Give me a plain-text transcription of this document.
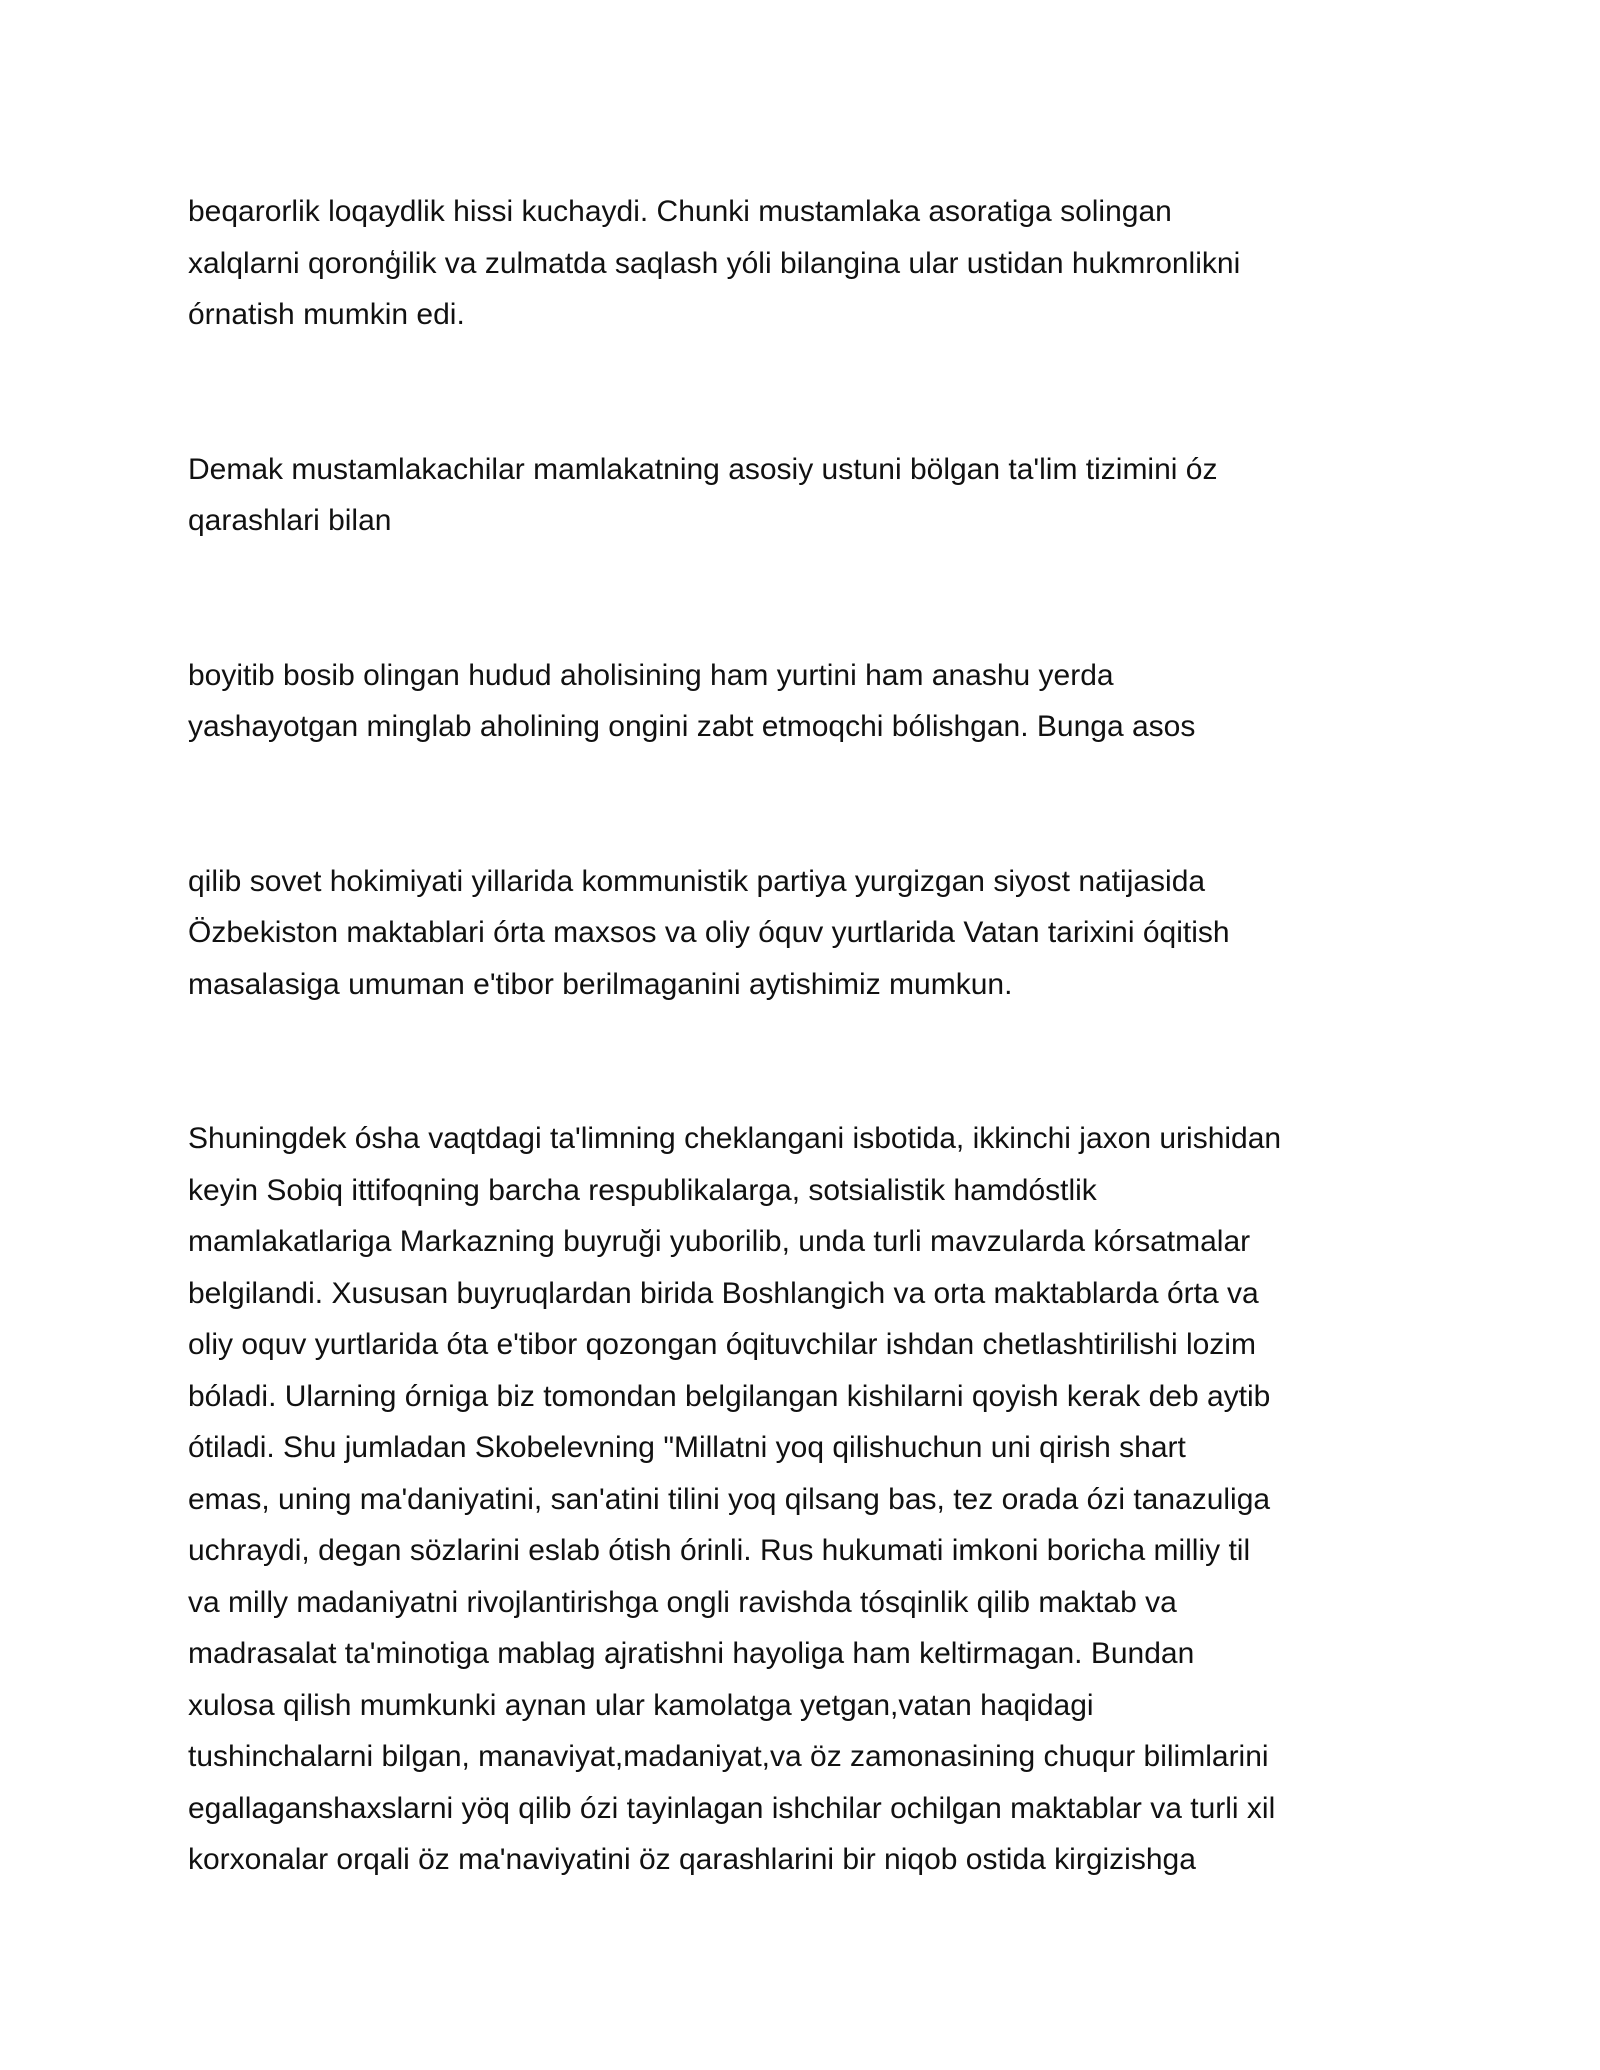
beqarorlik loqaydlik hissi kuchaydi. Chunki mustamlaka asoratiga solingan
xalqlarni qoronģilik va zulmatda saqlash yóli bilangina ular ustidan hukmronlikni
órnatish mumkin edi.

Demak mustamlakachilar mamlakatning asosiy ustuni bölgan ta'lim tizimini óz
qarashlari bilan

boyitib bosib olingan hudud aholisining ham yurtini ham anashu yerda
yashayotgan minglab aholining ongini zabt etmoqchi bólishgan. Bunga asos

qilib sovet hokimiyati yillarida kommunistik partiya yurgizgan siyost natijasida
Özbekiston maktablari órta maxsos va oliy óquv yurtlarida Vatan tarixini óqitish
masalasiga umuman e'tibor berilmaganini aytishimiz mumkun.

Shuningdek ósha vaqtdagi ta'limning cheklangani isbotida, ikkinchi jaxon urishidan
keyin Sobiq ittifoqning barcha respublikalarga, sotsialistik hamdóstlik
mamlakatlariga Markazning buyruği yuborilib, unda turli mavzularda kórsatmalar
belgilandi. Xususan buyruqlardan birida Boshlangich va orta maktablarda órta va
oliy oquv yurtlarida óta e'tibor qozongan óqituvchilar ishdan chetlashtirilishi lozim
bóladi. Ularning órniga biz tomondan belgilangan kishilarni qoyish kerak deb aytib
ótiladi. Shu jumladan Skobelevning "Millatni yoq qilishuchun uni qirish shart
emas, uning ma'daniyatini, san'atini tilini yoq qilsang bas, tez orada ózi tanazuliga
uchraydi, degan sözlarini eslab ótish órinli. Rus hukumati imkoni boricha milliy til
va milly madaniyatni rivojlantirishga ongli ravishda tósqinlik qilib maktab va
madrasalat ta'minotiga mablag ajratishni hayoliga ham keltirmagan. Bundan
xulosa qilish mumkunki aynan ular kamolatga yetgan,vatan haqidagi
tushinchalarni bilgan, manaviyat,madaniyat,va öz zamonasining chuqur bilimlarini
egallaganshaxslarni yöq qilib ózi tayinlagan ishchilar ochilgan maktablar va turli xil
korxonalar orqali öz ma'naviyatini öz qarashlarini bir niqob ostida kirgizishga
